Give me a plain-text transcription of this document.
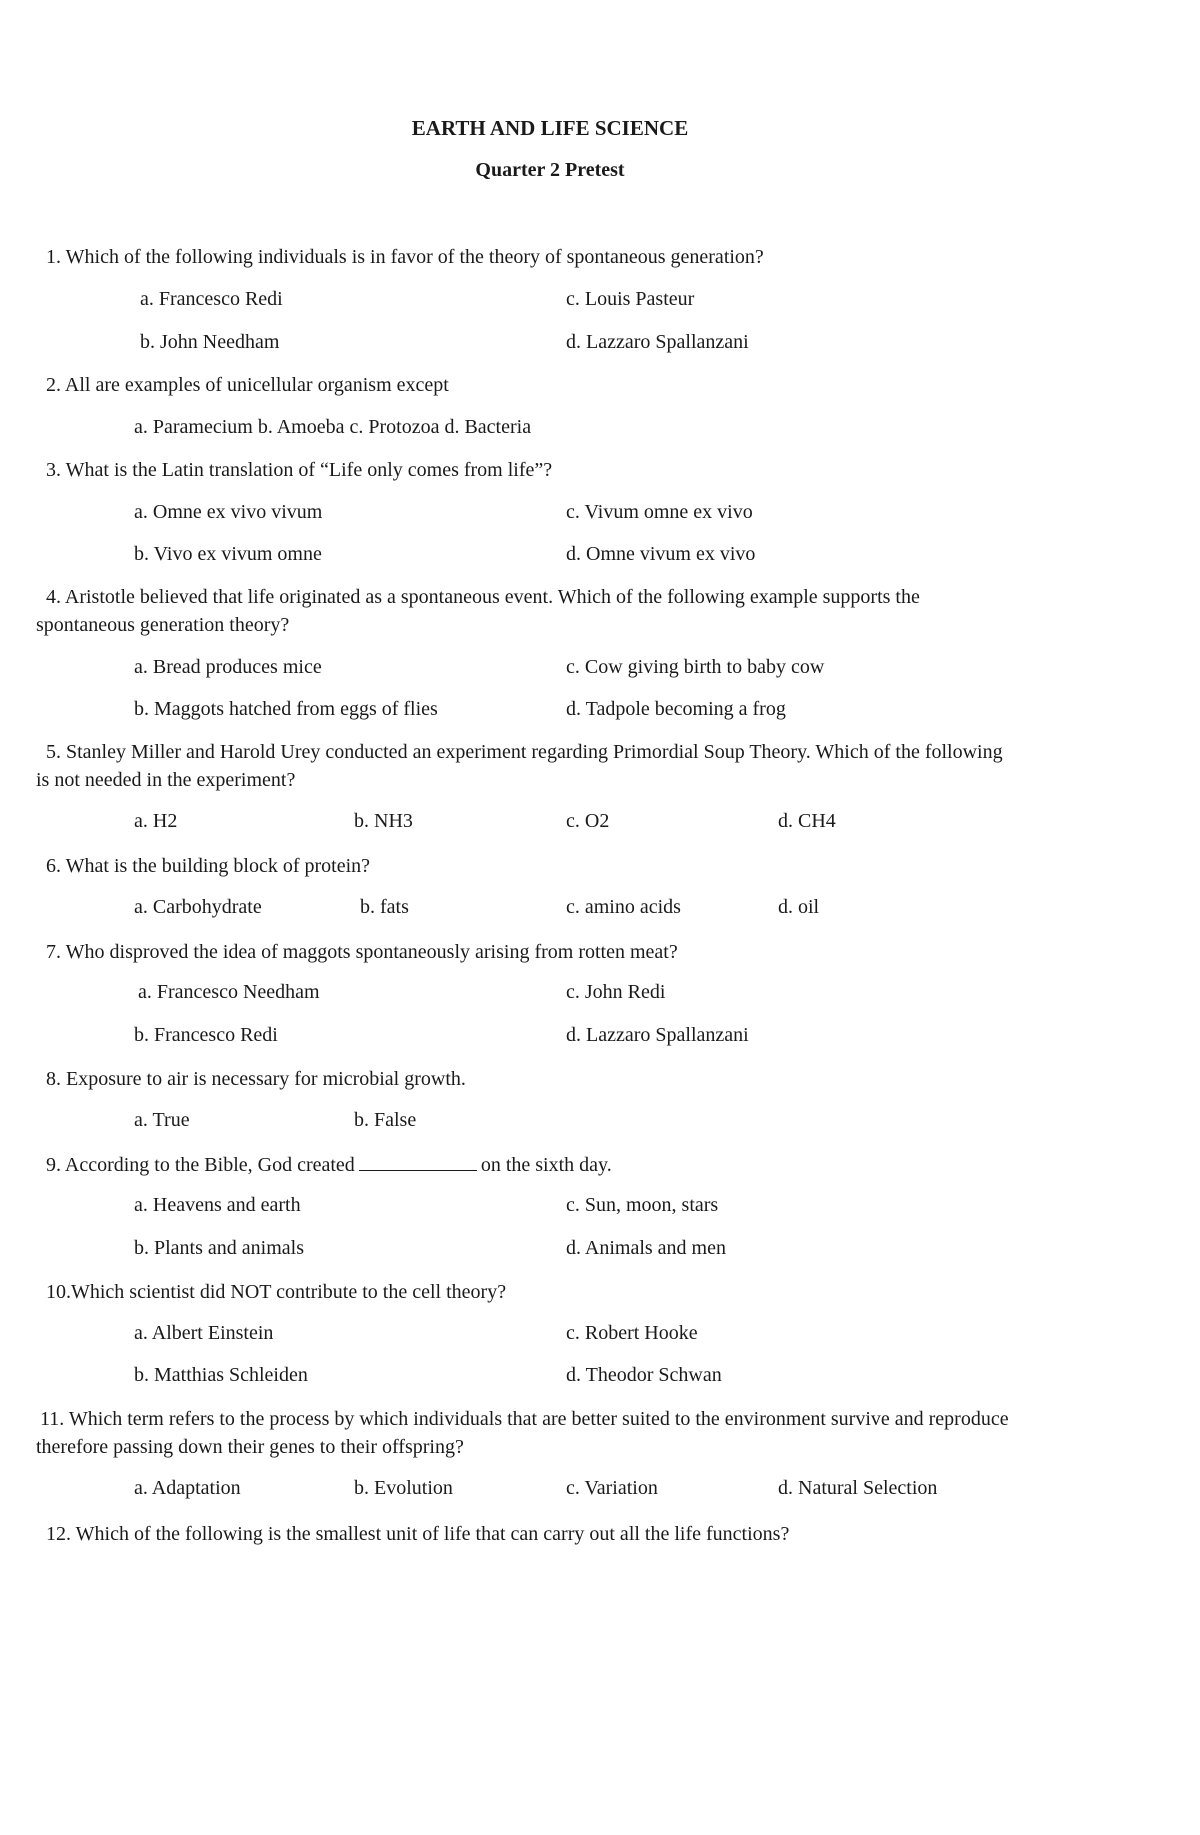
EARTH AND LIFE SCIENCE
Quarter 2 Pretest
1. Which of the following individuals is in favor of the theory of spontaneous generation?
a. Francesco Redi	c. Louis Pasteur
b. John Needham	d. Lazzaro Spallanzani
2. All are examples of unicellular organism except
a. Paramecium b. Amoeba c. Protozoa d. Bacteria
3. What is the Latin translation of “Life only comes from life”?
a. Omne ex vivo vivum	c. Vivum omne ex vivo
b. Vivo ex vivum omne	d. Omne vivum ex vivo
4. Aristotle believed that life originated as a spontaneous event. Which of the following example supports the spontaneous generation theory?
a. Bread produces mice	c. Cow giving birth to baby cow
b. Maggots hatched from eggs of flies	d. Tadpole becoming a frog
5. Stanley Miller and Harold Urey conducted an experiment regarding Primordial Soup Theory. Which of the following is not needed in the experiment?
a. H2	b. NH3	c. O2	d. CH4
6. What is the building block of protein?
a. Carbohydrate	b. fats	c. amino acids	d. oil
7. Who disproved the idea of maggots spontaneously arising from rotten meat?
a. Francesco Needham	c. John Redi
b. Francesco Redi	d. Lazzaro Spallanzani
8. Exposure to air is necessary for microbial growth.
a. True	b. False
9. According to the Bible, God created	on the sixth day.
a. Heavens and earth	c. Sun, moon, stars
b. Plants and animals	d. Animals and men
10.Which scientist did NOT contribute to the cell theory?
a. Albert Einstein	c. Robert Hooke
b. Matthias Schleiden	d. Theodor Schwan
11. Which term refers to the process by which individuals that are better suited to the environment survive and reproduce therefore passing down their genes to their offspring?
a. Adaptation	b. Evolution	c. Variation	d. Natural Selection
12. Which of the following is the smallest unit of life that can carry out all the life functions?
